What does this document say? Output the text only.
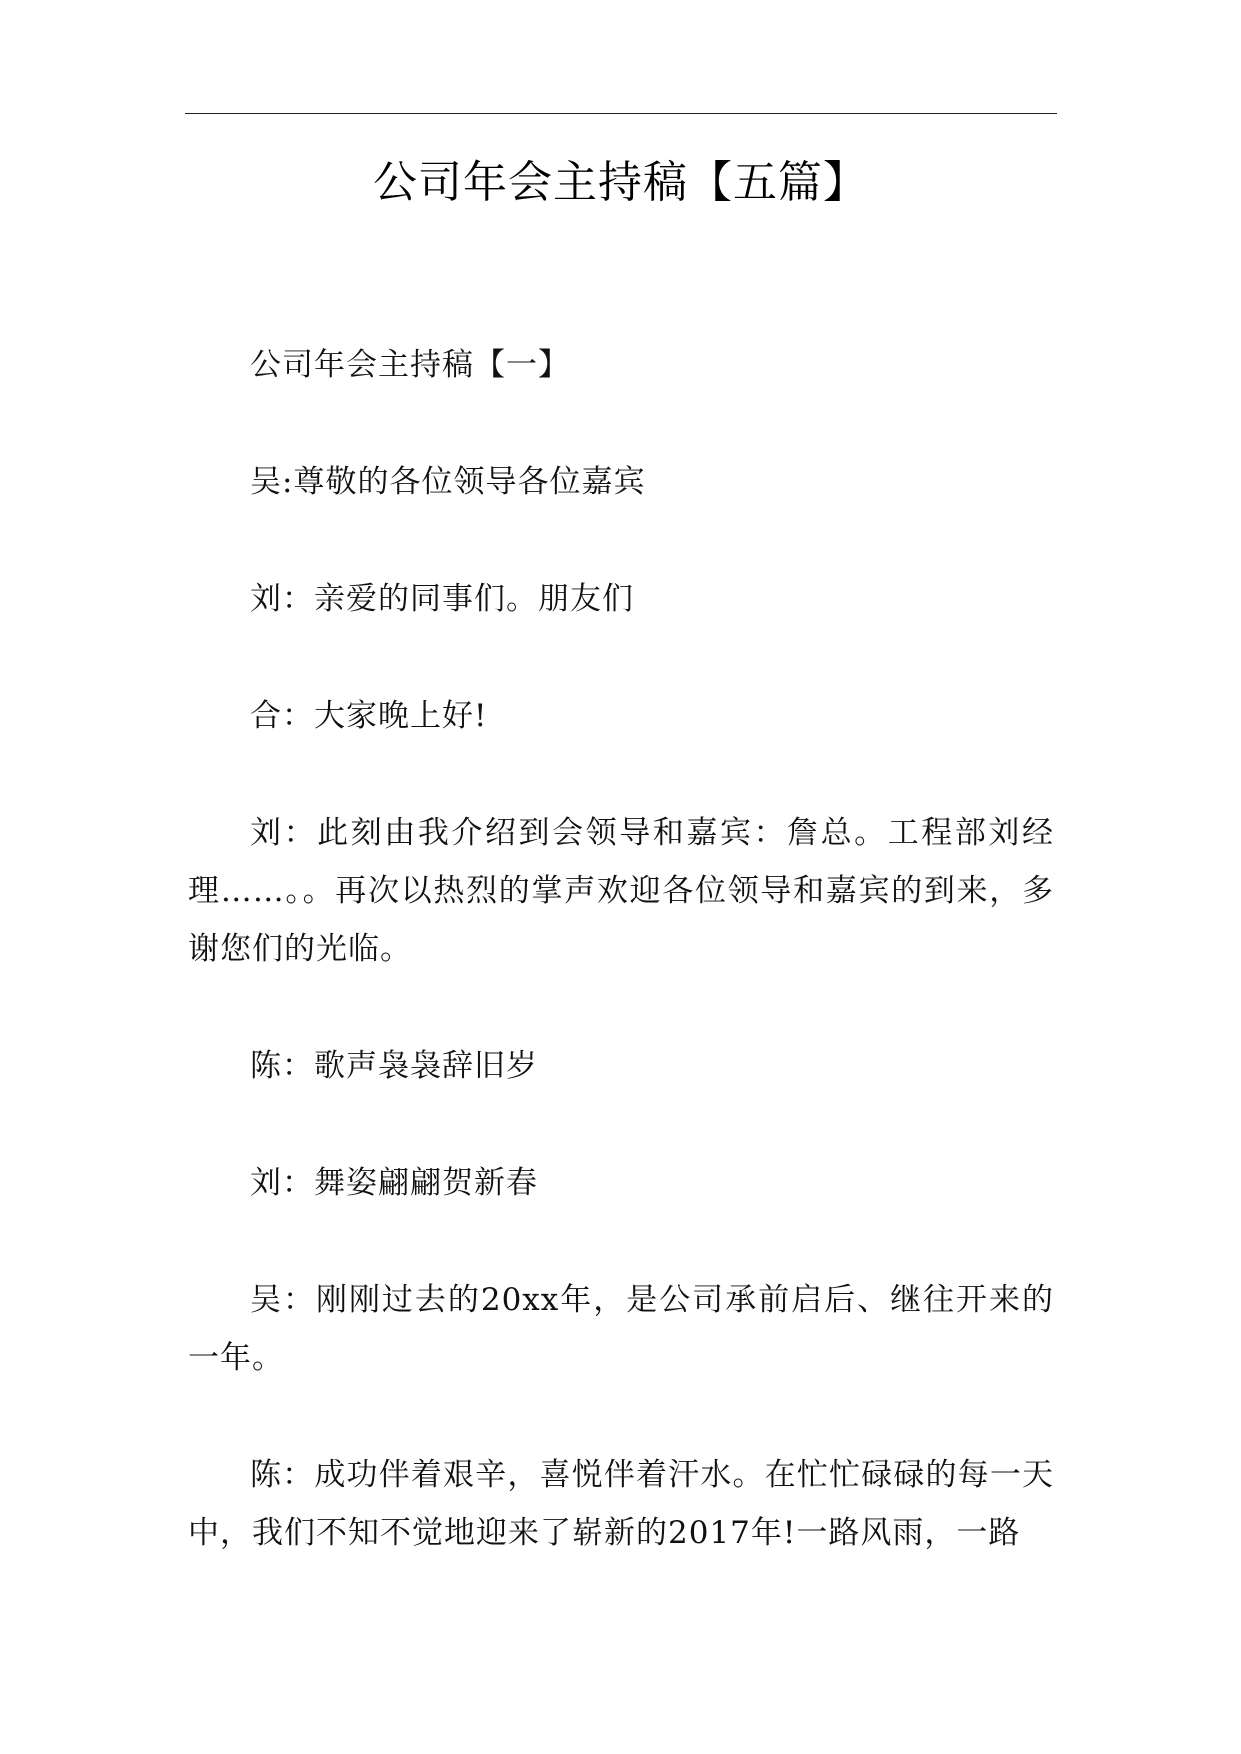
公司年会主持稿【五篇】

公司年会主持稿【一】

吴:尊敬的各位领导各位嘉宾

刘：亲爱的同事们。朋友们

合：大家晚上好!

刘：此刻由我介绍到会领导和嘉宾：詹总。工程部刘经理……。。再次以热烈的掌声欢迎各位领导和嘉宾的到来，多谢您们的光临。

陈：歌声袅袅辞旧岁

刘：舞姿翩翩贺新春

吴：刚刚过去的20xx年，是公司承前启后、继往开来的一年。

陈：成功伴着艰辛，喜悦伴着汗水。在忙忙碌碌的每一天中，我们不知不觉地迎来了崭新的2017年!一路风雨，一路
